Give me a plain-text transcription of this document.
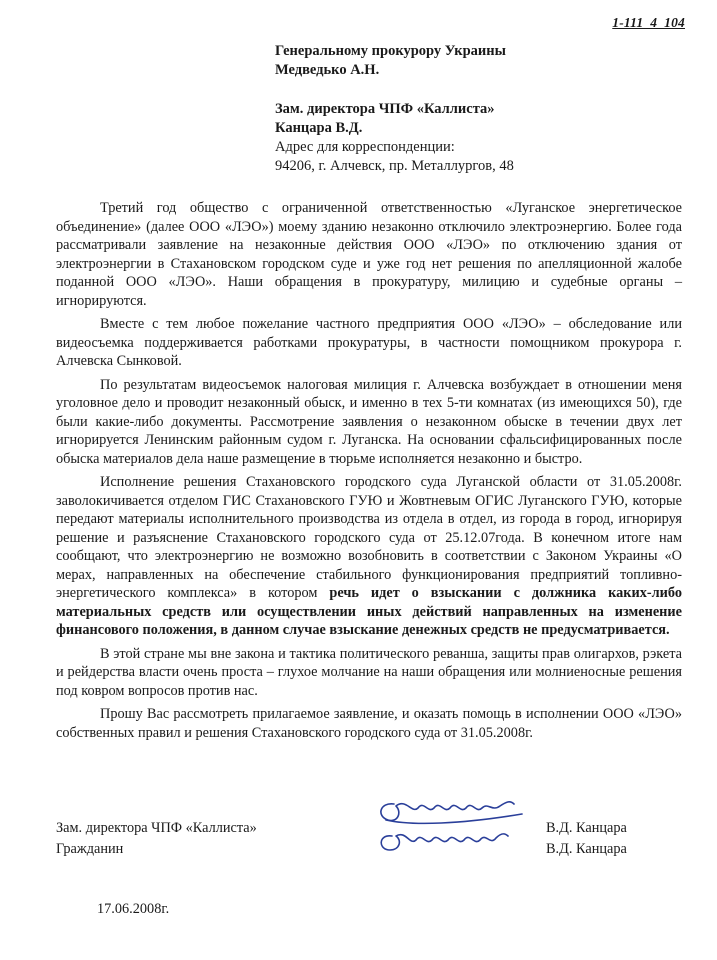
1-111_4_104
Генеральному прокурору Украины
Медведько А.Н.
Зам. директора ЧПФ «Каллиста»
Канцара В.Д.
Адрес для корреспонденции:
94206, г. Алчевск, пр. Металлургов, 48

Третий год общество с ограниченной ответственностью «Луганское энергетическое объединение» (далее ООО «ЛЭО») моему зданию незаконно отключило электроэнергию. Более года рассматривали заявление на незаконные действия ООО «ЛЭО» по отключению здания от электроэнергии в Стахановском городском суде и уже год нет решения по апелляционной жалобе поданной ООО «ЛЭО». Наши обращения в прокуратуру, милицию и судебные органы – игнорируются.

Вместе с тем любое пожелание частного предприятия ООО «ЛЭО» – обследование или видеосъемка поддерживается работками прокуратуры, в частности помощником прокурора г. Алчевска Сынковой.

По результатам видеосъемок налоговая милиция г. Алчевска возбуждает в отношении меня уголовное дело и проводит незаконный обыск, и именно в тех 5-ти комнатах (из имеющихся 50), где были какие-либо документы. Рассмотрение заявления о незаконном обыске в течении двух лет игнорируется Ленинским районным судом г. Луганска. На основании сфальсифицированных после обыска материалов дела наше размещение в тюрьме исполняется незаконно и быстро.

Исполнение решения Стахановского городского суда Луганской области от 31.05.2008г. заволокичивается отделом ГИС Стахановского ГУЮ и Жовтневым ОГИС Луганского ГУЮ, которые передают материалы исполнительного производства из отдела в отдел, из города в город, игнорируя решение и разъяснение Стахановского городского суда от 25.12.07года. В конечном итоге нам сообщают, что электроэнергию не возможно возобновить в соответствии с Законом Украины «О мерах, направленных на обеспечение стабильного функционирования предприятий топливно-энергетического комплекса» в котором речь идет о взыскании с должника каких-либо материальных средств или осуществлении иных действий направленных на изменение финансового положения, в данном случае взыскание денежных средств не предусматривается.

В этой стране мы вне закона и тактика политического реванша, защиты прав олигархов, рэкета и рейдерства власти очень проста – глухое молчание на наши обращения или молниеносные решения под ковром вопросов против нас.

Прошу Вас рассмотреть прилагаемое заявление, и оказать помощь в исполнении ООО «ЛЭО» собственных правил и решения Стахановского городского суда от 31.05.2008г.

Зам. директора ЧПФ «Каллиста»
Гражданин
В.Д. Канцара
В.Д. Канцара
17.06.2008г.
